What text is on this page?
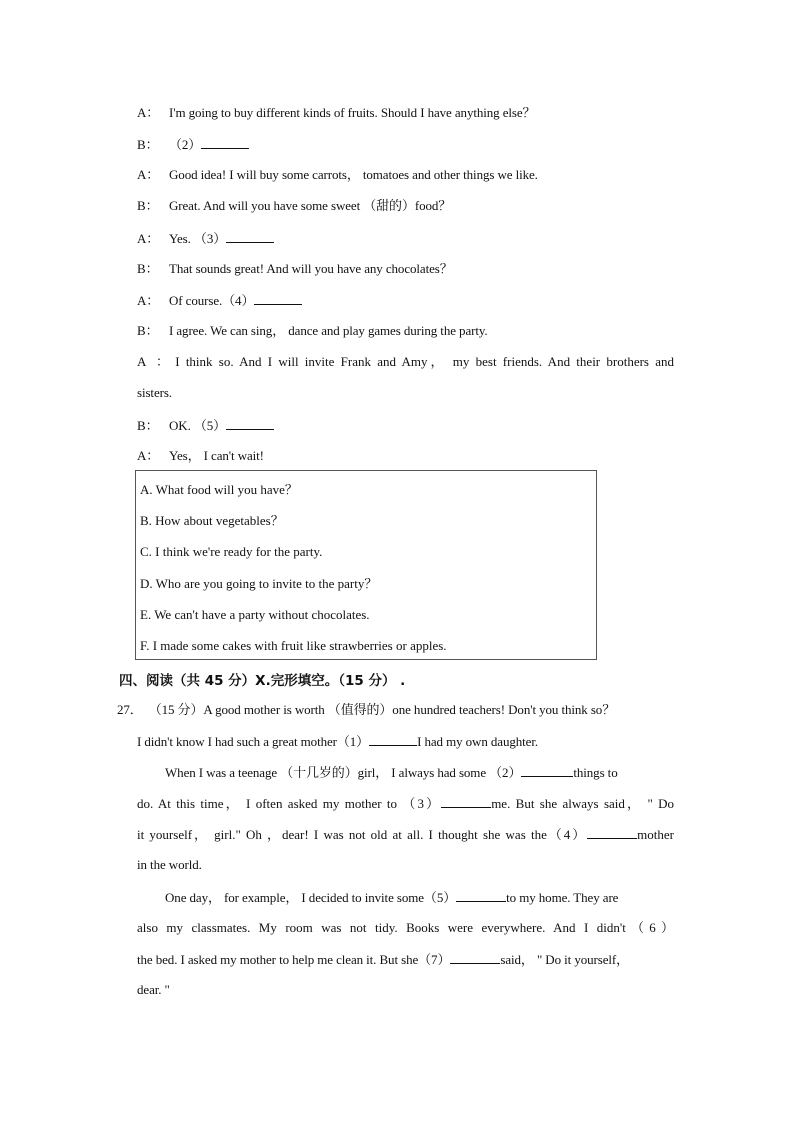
A： I'm going to buy different kinds of fruits. Should I have anything else？
B： （2）
A： Good idea! I will buy some carrots， tomatoes and other things we like.
B： Great. And will you have some sweet （甜的）food？
A： Yes. （3）
B： That sounds great! And will you have any chocolates？
A： Of course.（4）
B： I agree. We can sing， dance and play games during the party.
A： I think so. And I will invite Frank and Amy， my best friends. And their brothers and
sisters.
B： OK. （5）
A： Yes， I can't wait!
A. What food will you have？
B. How about vegetables？
C. I think we're ready for the party.
D. Who are you going to invite to the party？
E. We can't have a party without chocolates.
F. I made some cakes with fruit like strawberries or apples.
四、阅读（共 45 分）X.完形填空。（15 分） .
27． （15 分）A good mother is worth （值得的）one hundred teachers! Don't you think so？
I didn't know I had such a great mother（1）	I had my own daughter.
When I was a teenage （十几岁的）girl， I always had some （2）	things to
do. At this time， I often asked my mother to （3）	me. But she always said， " Do
it yourself， girl." Oh ，dear! I was not old at all. I thought she was the（4）	mother
in the world.
One day， for example， I decided to invite some（5）	to my home. They are
also my classmates. My room was not tidy. Books were everywhere. And I didn't（6）
the bed. I asked my mother to help me clean it. But she（7）	said， " Do it yourself，
dear. "
